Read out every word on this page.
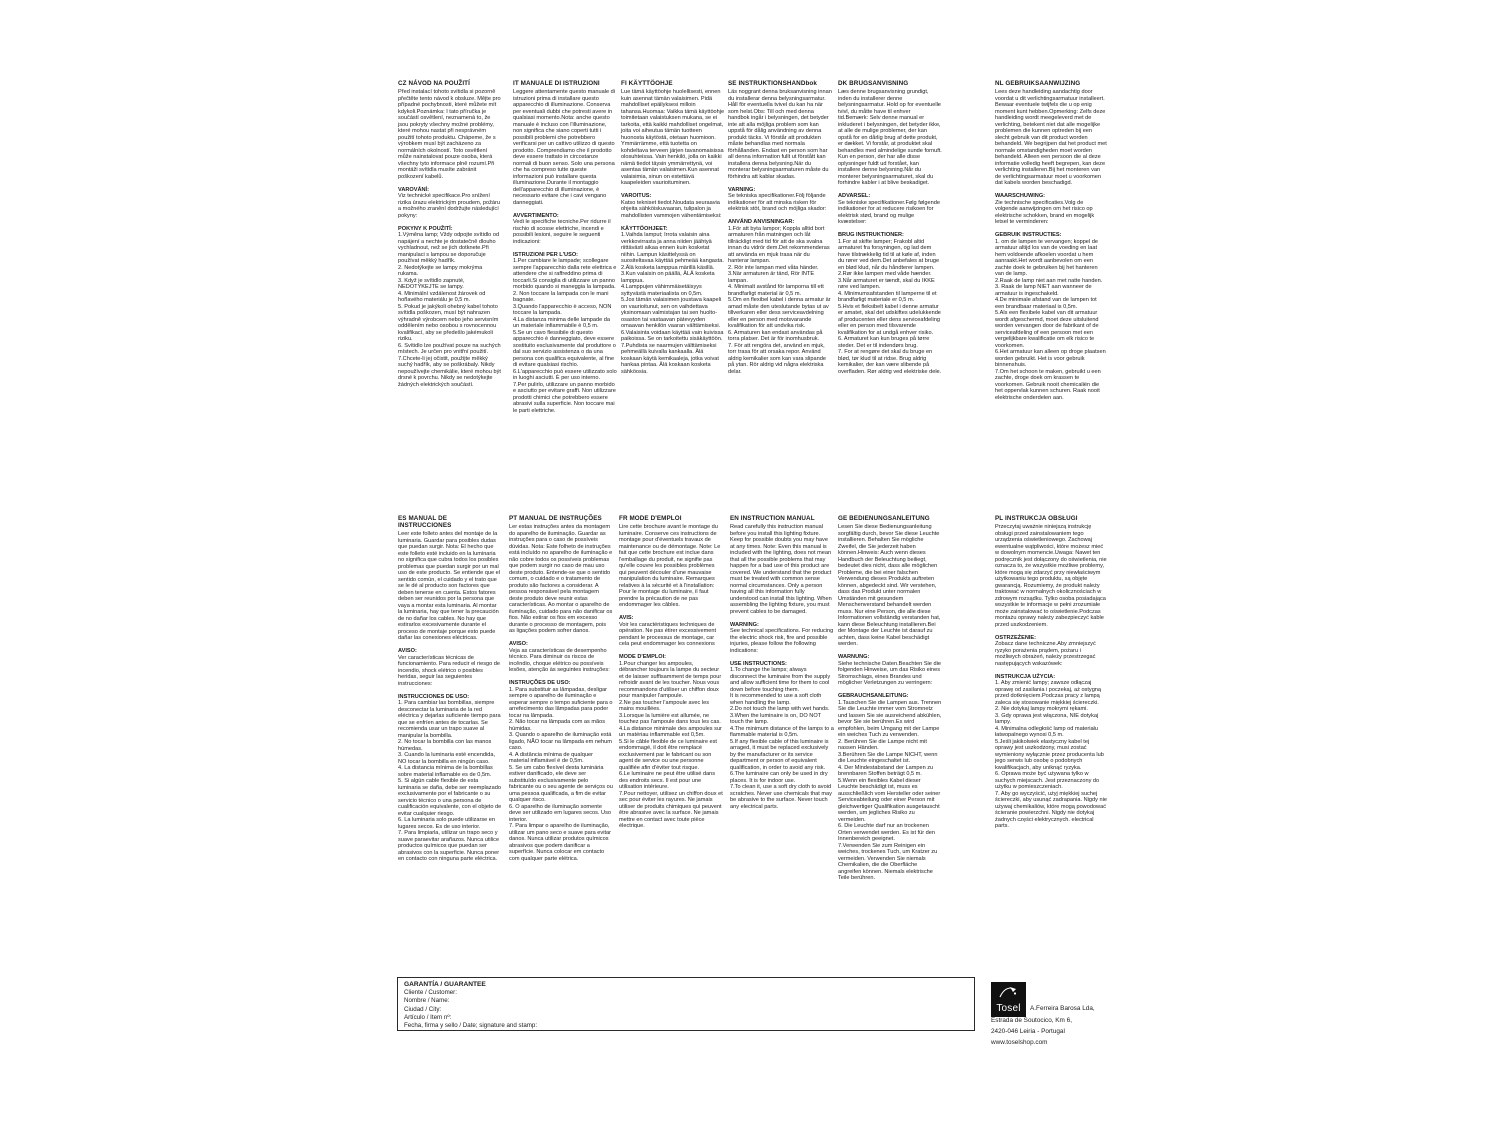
CZ NÁVOD NA POUŽITÍ

Před instalací tohoto svítidla si pozorně přečtěte tento návod k obsluze. Mějte pro případné pochybnosti, které můžete mít kdykoli.Poznámka: I tato příručka je součástí osvětlení, neznamená to, že jsou pokryty všechny možné problémy, které mohou nastat při nesprávném použití tohoto produktu. Chápeme, že s výrobkem musí být zacházeno za normálních okolností. Toto osvětlení může nainstalovat pouze osoba, která všechny tyto informace plně rozumí.Při montáži svítidla musíte zabránit poškození kabelů.

VAROVÁNÍ:

Viz technické specifikace.Pro snížení rizika úrazu elektrickým proudem, požáru a možného zranění dodržujte následující pokyny:

POKYNY K POUŽITÍ:

1.Výměna lamp; Vždy odpojte svítidlo od napájení a nechte je dostatečně dlouho vychladnout, než se jich dotknete.Při manipulaci s lampou se doporučuje používat měkký hadřík.

2. Nedotýkejte se lampy mokrýma rukama.

3. Když je svítidlo zapnuté, NEDOTÝKEJTE se lampy.

4. Minimální vzdálenost žárovek od hořlavého materiálu je 0,5 m.

5. Pokud je jakýkoli ohebný kabel tohoto svítidla poškozen, musí být nahrazen výhradně výrobcem nebo jeho servisním oddělením nebo osobou s rovnocennou kvalifikací, aby se předešlo jakémukoli riziku.

6. Svítidlo lze používat pouze na suchých místech. Je určen pro vnitřní použití.

7.Chcete-li jej očistit, použijte měkký suchý hadřík, aby se poškrábaly. Nikdy nepoužívejte chemikálie, které mohou být drsné k povrchu. Nikdy se nedotýkejte žádných elektrických součástí.

IT MANUALE DI ISTRUZIONI

Leggere attentamente questo manuale di istruzioni prima di installare questo apparecchio di illuminazione. Conserva per eventuali dubbi che potresti avere in qualsiasi momento.Nota: anche questo manuale è incluso con l'illuminazione, non significa che siano coperti tutti i possibili problemi che potrebbero verificarsi per un cattivo utilizzo di questo prodotto. Comprendiamo che il prodotto deve essere trattato in circostanze normali di buon senso. Solo una persona che ha compreso tutte queste informazioni può installare questa illuminazione.Durante il montaggio dell'apparecchio di illuminazione, è necessario evitare che i cavi vengano danneggiati.

AVVERTIMENTO:

Vedi le specifiche tecniche.Per ridurre il rischio di scosse elettriche, incendi e possibili lesioni, seguire le seguenti indicazioni:

ISTRUZIONI PER L'USO:

1.Per cambiare le lampade; scollegare sempre l'apparecchio dalla rete elettrica e attendere che si raffreddino prima di toccarli.Si consiglia di utilizzare un panno morbido quando si maneggia la lampada.

2. Non toccare la lampada con le mani bagnate.

3.Quando l'apparecchio è acceso, NON toccare la lampada.

4.La distanza minima delle lampade da un materiale infiammabile è 0,5 m.

5.Se un cavo flessibile di questo apparecchio è danneggiato, deve essere sostituito esclusivamente dal produttore o dal suo servizio assistenza o da una persona con qualifica equivalente, al fine di evitare qualsiasi rischio.

6.L'apparecchio può essere utilizzato solo in luoghi asciutti. È per uso interno.

7.Per pulirlo, utilizzare un panno morbido e asciutto per evitare graffi. Non utilizzare prodotti chimici che potrebbero essere abrasivi sulla superficie. Non toccare mai le parti elettriche.

FI KÄYTTÖOHJE

Lue tämä käyttöohje huolellisesti, ennen kuin asennat tämän valaisimen. Pidä mahdolliset epäilyksesi milloin tahansa.Huomaa: Vaikka tämä käyttöohje toimitetaan valaistuksen mukana, se ei tarkoita, että kaikki mahdolliset ongelmat, joita voi aiheutua tämän tuotteen huonosta käytöstä, otetaan huomioon. Ymmärrämme, että tuotetta on kohdeltava terveen järjen tavanomaisissa olosuhteissa. Vain henkilö, jolla on kaikki nämä tiedot täysin ymmärrettynä, voi asentaa tämän valaisimen.Kun asennat valaisimia, sinun on estettävä kaapeleiden vaurioituminen.

VAROITUS:

Katso tekniset tiedot.Noudata seuraavia ohjeita sähköiskuvaaran, tulipalon ja mahdollisten vammojen vähentämiseksi:

KÄYTTÖOHJEET:

1.Vaihda lamput; Irrota valaisin aina verkkovirrasta ja anna niiden jäähtyä riittävästi aikaa ennen kuin kosketat niihin. Lampun käsittelyssä on suositeltavaa käyttää pehmeää kangasta.

2.Älä kosketa lamppua märillä käsillä.

3.Kun valaisin on päällä, ÄLÄ kosketa lamppua.

4.Lamppujen vähimmäisetäisyys syttyvästä materiaalista on 0,5m.

5.Jos tämän valaisimen joustava kaapeli on vaurioitunut, sen on vaihdettava yksinomaan valmistajan tai sen huolto-osaston tai vastaavan pätevyyden omaavan henkilön vaaran välttämiseksi.

6.Valaisinta voidaan käyttää vain kuivissa paikoissa. Se on tarkoitettu sisäkäyttöön.

7.Puhdista se naarmujen välttämiseksi pehmeällä kuivalla kankaalla. Älä koskaan käytä kemikaaleja, jotka voivat hankaa pintaa. Älä koskaan kosketa sähköosia.

SE INSTRUKTIONSHANDbok

Läs noggrant denna bruksanvisning innan du installerar denna belysningsarmatur. Håll för eventuella tvivel du kan ha när som helst.Obs: Till och med denna handbok ingår i belysningen, det betyder inte att alla möjliga problem som kan uppstå för dålig användning av denna produkt täcks. Vi förstår att produkten måste behandlas med normala förhållanden. Endast en person som har all denna information fullt ut förstått kan installera denna belysning.När du monterar belysningsarmaturen måste du förhindra att kablar skadas.

VARNING:

Se tekniska specifikationer.Följ följande indikationer för att minska risken för elektrisk stöt, brand och möjliga skador:

ANVÄND ANVISNINGAR:

1.För att byta lampor; Koppla alltid bort armaturen från matningen och låt tillräckligt med tid för att de ska svalna innan du vidrör dem.Det rekommenderas att använda en mjuk trasa när du hanterar lampan.

2. Rör inte lampan med våta händer.

3.När armaturen är tänd, Rör INTE lampan.

4. Minimalt avstånd för lamporna till ett brandfarligt material är 0,5 m.

5.Om en flexibel kabel i denna armatur är amad måste den uteslutande bytas ut av tillverkaren eller dess serviceavdelning eller en person med motsvarande kvalifikation för att undvika risk.

6. Armaturen kan endast användas på torra platser. Det är för inomhusbruk.

7. För att rengöra det, använd en mjuk, torr trasa för att orsaka repor. Använd aldrig kemikalier som kan vara slipande på ytan. Rör aldrig vid några elektriska delar.

DK BRUGSANVISNING

Læs denne brugsanvisning grundigt, inden du installerer denne belysningsarmatur. Hold op for eventuelle tvivl, du måtte have til enhver tid.Bemærk: Selv denne manual er inkluderet i belysningen, det betyder ikke, at alle de mulige problemer, der kan opstå for en dårlig brug af dette produkt, er dækket. Vi forstår, at produktet skal behandles med almindelige sunde fornuft. Kun en person, der har alle disse oplysninger fuldt ud forstået, kan installere denne belysning.Når du monterer belysningsarmaturet, skal du forhindre kabler i at blive beskadiget.

ADVARSEL:

Se tekniske specifikationer.Følg følgende indikationer for at reducere risikoen for elektrisk stød, brand og mulige kvæstelser:

BRUG INSTRUKTIONER:

1.For at skifte lamper; Frakobl altid armaturet fra forsyningen, og lad dem have tilstrækkelig tid til at køle af, inden du rører ved dem.Det anbefales at bruge en blød klud, når du håndterer lampen.

2.Rør ikke lampen med våde hænder.

3.Når armaturet er tændt, skal du IKKE røre ved lampen.

4. Minimumsafstanden til lamperne til et brandfarligt materiale er 0,5 m.

5.Hvis et fleksibelt kabel i denne armatur er amatet, skal det udskiftes udelukkende af producenten eller dens serviceafdeling eller en person med tilsvarende kvalifikation for at undgå enhver risiko.

6. Armaturet kan kun bruges på tørre steder. Det er til indendørs brug.

7. For at rengøre det skal du bruge en blød, tør klud til at ridse. Brug aldrig kemikalier, der kan være slibende på overfladen. Rør aldrig ved elektriske dele.

NL GEBRUIKSAANWIJZING

Lees deze handleiding aandachtig door voordat u dit verlichtingsarmatuur installeert. Bewaar eventuele twijfels die u op enig moment kunt hebben.Opmerking: Zelfs deze handleiding wordt meegeleverd met de verlichting, betekent niet dat alle mogelijke problemen die kunnen optreden bij een slecht gebruik van dit product worden behandeld. We begrijpen dat het product met normale omstandigheden moet worden behandeld. Alleen een persoon die al deze informatie volledig heeft begrepen, kan deze verlichting installeren.Bij het monteren van de verlichtingsarmatuur moet u voorkomen dat kabels worden beschadigd.

WAARSCHUWING:

Zie technische specificaties.Volg de volgende aanwijzingen om het risico op elektrische schokken, brand en mogelijk letsel te verminderen:

GEBRUIK INSTRUCTIES:

1. om de lampen te vervangen; koppel de armatuur altijd los van de voeding en laat hem voldoende afkoelen voordat u hem aanraakt.Het wordt aanbevolen om een zachte doek te gebruiken bij het hanteren van de lamp.

2.Raak de lamp niet aan met natte handen.

3. Raak de lamp NIET aan wanneer de armatuur is ingeschakeld.

4.De minimale afstand van de lampen tot een brandbaar materiaal is 0,5m.

5.Als een flexibele kabel van dit armatuur wordt afgeschermd, moet deze uitsluitend worden vervangen door de fabrikant of de serviceafdeling of een persoon met een vergelijkbare kwalificatie om elk risico te voorkomen.

6.Het armatuur kan alleen op droge plaatsen worden gebruikt. Het is voor gebruik binnenshuis.

7.Om het schoon te maken, gebruikt u een zachte, droge doek om krassen te voorkomen. Gebruik nooit chemicaliën die het oppervlak kunnen schuren. Raak nooit elektrische onderdelen aan.

ES MANUAL DE INSTRUCCIONES

Leer este folleto antes del montaje de la luminaria. Guardar para posibles dudas que puedan surgir. Nota: El hecho que este folleto esté incluido en la luminaria no significa que cubra todos los posibles problemas que puedan surgir por un mal uso de este producto. Se entiende que el sentido común, el cuidado y el trato que se le dé al producto son factores que deben tenerse en cuenta. Estos fatores deben ser reunidos por la persona que vaya a montar esta luminaria. Al montar la luminaria, hay que tener la precaución de no dañar los cables. No hay que estirarlos excesivamente durante el proceso de montaje porque esto puede dañar las conexiones eléctricas.

AVISO:

Ver características técnicas de funcionamiento. Para reducir el riesgo de incendio, shock elétrico o posibles heridas, seguir las seguientes instrucciones:

INSTRUCCIONES DE USO:

1. Para cambiar las bombillas, siempre desconectar la luminaria de la red eléctrica y dejarlas suficiente tiempo para que se enfríen antes de tocarlas. Se recomienda usar un trapo suave al manipular la bombilla.

2. No tocar la bombilla con las manos húmedas.

3. Cuando la luminaria esté encendida, NO tocar la bombilla en ningún caso.

4. La distancia mínima de la bombillas sobre material inflamable es de 0,5m.

5. Si algún cable flexible de esta luminaria se daña, debe ser reemplazado exclusivamente por el fabricante o su servicio técnico o una persona de cualificación equivalente, con el objeto de evitar cualquier riesgo.

6. La luminaria solo puede utilizarse en lugares secos. Es de uso interior.

7. Para limpiarla, utilizar un trapo seco y suave paraevitar arañazos. Nunca utilice productos químicos que puedan ser abrasivos con la superficie. Nunca poner en contacto con ninguna parte eléctrica.

PT MANUAL DE INSTRUÇÕES

Ler estas instruções antes da montagem do aparelho de iluminação. Guardar as instruções para o caso de possíveis dúvidas. Nota: Este folheto de instruções está incluído no aparelho de iluminação e não cobre todos os possíveis problemas que podem surgir no caso de mau uso deste produto. Entende-se que o sentido comum, o cuidado e o tratamento de produto são factores a considerar. A pessoa responsável pela montagem deste produto deve reunir estas características. Ao montar o aparelho de iluminação, cuidado para não danificar os fios. Não estirar os fios em excesso durante o processo de montagem, pois as ligações podem sofrer danos.

AVISO:

Veja as características de desempenho técnico. Para diminuir os riscos de incêndio, choque elétrico ou possíveis lesões, atenção às seguintes instruções:

INSTRUÇÕES DE USO:

1. Para substituir as lâmpadas, desligar sempre o aparelho de iluminação e esperar sempre o tempo suficiente para o arrefecimento das lâmpadas para poder tocar na lâmpada.

2. Não tocar na lâmpada com as mãos húmidas.

3. Quando o aparelho de iluminação está ligado, NÃO tocar na lâmpada em nehum caso.

4. A distância mínima de qualquer material inflamável é de 0,5m.

5. Se um cabo flexível desta luminária estiver danificado, ele deve ser substituído exclusivamente pelo fabricante ou o seu agente de serviços ou uma pessoa qualificada, a fim de evitar qualquer risco.

6. O aparelho de iluminação somente deve ser utilizado em lugares secos. Uso interior.

7. Para limpar o aparelho de iluminação, utilizar um pano seco e suave para evitar danos. Nunca utilizar produtos químicos abrasivos que podem danificar a superfície. Nunca colocar em contacto com qualquer parte elétrica.

FR MODE D'EMPLOI

Lire cette brochure avant le montage du luminaire. Conserve ces instructions de montage pour d'éventuels travaux de maintenance ou de démontage. Note: Le fait que cette brochure est inclue dans l'emballage du produit, ne signifie pas qu'elle couvre les possibles problèmes qui peuvent découler d'une mauvaise manipulation du luminaire. Remarques relatives à la sécurité et à l'installation: Pour le montage du luminaire, il faut prendre la précaution de ne pas endommager les câbles.

AVIS:

Voir les caractéristiques techniques de opération. Ne pas étirer excessivement pendant le processus de montage, car cela peut endommager les connexions

MODE D'EMPLOI:

1.Pour changer les ampoules, débrancher toujours la lampe du secteur et de laisser suffisamment de temps pour refroidir avant de les toucher. Nous vous recommandons d'utiliser un chiffon doux pour manipuler l'ampoule.

2.Ne pas toucher l'ampoule avec les mains mouillées.

3.Lorsque la lumière est allumée, ne touchez pas l'ampoule dans tous les cas.

4.La distance minimale des ampoules sur un matériau inflammable est 0,5m.

5.Si le câble flexible de ce luminaire est endommagé, il doit être remplacé exclusivement par le fabricant ou son agent de service ou une personne qualifiée afin d'éviter tout risque.

6.Le luminaire ne peut être utilisé dans des endroits secs. Il est pour une utilisation intérieure.

7.Pour nettoyer, utilisez un chiffon doux et sec pour éviter les rayures. Ne jamais utiliser de produits chimiques qui peuvent être abrasive avec la surface. Ne jamais mettre en contact avec toute pièce électrique.

EN INSTRUCTION MANUAL

Read carefully this instruction manual before you install this lighting fixture. Keep for possible doubts you may have at any times. Note: Even this manual is included with the lighting, does not mean that all the possible problems that may happen for a bad use of this product are covered. We understand that the product must be treated with common sense normal circumstances. Only a person having all this information fully understood can install this lighting. When assembling the lighting fixture, you must prevent cables to be damaged.

WARNING:

See technical specifications. For reducing the electric shock risk, fire and possible injuries, please follow the following indications:

USE INSTRUCTIONS:

1.To change the lamps; always disconnect the luminaire from the supply and allow sufficient time for them to cool down before touching them.

It is recommended to use a soft cloth when handling the lamp.

2.Do not touch the lamp with wet hands.

3.When the luminaire is on, DO NOT touch the lamp.

4.The minimum distance of the lamps to a flammable material is 0,5m.

5.If any flexible cable of this luminaire is arraged, it must be replaced exclusively by the manufacturer or its service department or person of equivalent qualification, in order to avoid any risk.

6.The luminaire can only be used in dry places. It is for indoor use.

7.To clean it, use a soft dry cloth to avoid scratches. Never use chemicals that may be abrasive to the surface. Never touch any electrical parts.

GE BEDIENUNGSANLEITUNG

Lesen Sie diese Bedienungsanleitung sorgfältig durch, bevor Sie diese Leuchte installieren. Behalten Sie mögliche Zweifel, die Sie jederzeit haben können.Hinweis: Auch wenn dieses Handbuch der Beleuchtung beiliegt, bedeutet dies nicht, dass alle möglichen Probleme, die bei einer falschen Verwendung dieses Produkts auftreten können, abgedeckt sind. Wir verstehen, dass das Produkt unter normalen Umständen mit gesundem Menschenverstand behandelt werden muss. Nur eine Person, die alle diese Informationen vollständig verstanden hat, kann diese Beleuchtung installieren.Bei der Montage der Leuchte ist darauf zu achten, dass keine Kabel beschädigt werden.

WARNUNG:

Siehe technische Daten.Beachten Sie die folgenden Hinweise, um das Risiko eines Stromschlags, eines Brandes und möglicher Verletzungen zu verringern:

GEBRAUCHSANLEITUNG:

1.Tauschen Sie die Lampen aus. Trennen Sie die Leuchte immer vom Stromnetz und lassen Sie sie ausreichend abkühlen, bevor Sie sie berühren.Es wird empfohlen, beim Umgang mit der Lampe ein weiches Tuch zu verwenden.

2. Berühren Sie die Lampe nicht mit nassen Händen.

3.Berühren Sie die Lampe NICHT, wenn die Leuchte eingeschaltet ist.

4. Der Mindestabstand der Lampen zu brennbaren Stoffen beträgt 0,5 m.

5.Wenn ein flexibles Kabel dieser Leuchte beschädigt ist, muss es ausschließlich vom Hersteller oder seiner Serviceabteilung oder einer Person mit gleichwertiger Qualifikation ausgetauscht werden, um jegliches Risiko zu vermeiden.

6. Die Leuchte darf nur an trockenen Orten verwendet werden. Es ist für den Innenbereich geeignet.

7.Verwenden Sie zum Reinigen ein weiches, trockenes Tuch, um Kratzer zu vermeiden. Verwenden Sie niemals Chemikalien, die die Oberfläche angreifen können. Niemals elektrische Teile berühren.

PL INSTRUKCJA OBSŁUGI

Przeczytaj uważnie niniejszą instrukcję obsługi przed zainstalowaniem tego urządzenia oświetleniowego. Zachowaj ewentualne wątpliwości, które możesz mieć w dowolnym momencie.Uwaga: Nawet ten podręcznik jest dołączony do oświetlenia, nie oznacza to, że wszystkie możliwe problemy, które mogą się zdarzyć przy niewłaściwym użytkowaniu tego produktu, są objęte gwarancją. Rozumiemy, że produkt należy traktować w normalnych okolicznościach w zdrowym rozsądku. Tylko osoba posiadająca wszystkie te informacje w pełni zrozumiałe może zainstalować to oświetlenie.Podczas montażu oprawy należy zabezpieczyć kable przed uszkodzeniem.

OSTRZEŻENIE:

Zobacz dane techniczne.Aby zmniejszyć ryzyko porażenia prądem, pożaru i możliwych obrażeń, należy przestrzegać następujących wskazówek:

INSTRUKCJA UŻYCIA:

1. Aby zmienić lampy; zawsze odłączaj oprawę od zasilania i poczekaj, aż ostygną przed dotknięciem.Podczas pracy z lampą zaleca się stosowanie miękkiej ściereczki.

2. Nie dotykaj lampy mokrymi rękami.

3. Gdy oprawa jest włączona, NIE dotykaj lampy.

4. Minimalna odległość lamp od materiału łatwopalnego wynosi 0,5 m.

5.Jeśli jakikolwiek elastyczny kabel tej oprawy jest uszkodzony, musi zostać wymieniony wyłącznie przez producenta lub jego serwis lub osobę o podobnych kwalifikacjach, aby uniknąć ryzyka.

6. Oprawa może być używana tylko w suchych miejscach. Jest przeznaczony do użytku w pomieszczeniach.

7. Aby go wyczyścić, użyj miękkiej suchej ściereczki, aby usunąć zadrapania. Nigdy nie używaj chemikaliów, które mogą powodować ścieranie powierzchni. Nigdy nie dotykaj żadnych części elektrycznych. electrical parts.

GARANTÍA / GUARANTEE
Cliente / Customer:
Nombre / Name:
Ciudad / City:
Artículo / Item nº:
Fecha, firma y sello / Date; signature and stamp:
Tosel A.Ferreira Barosa Lda,
Estrada de Soutocico, Km 6,
2420-046 Leiria - Portugal
www.toselshop.com
